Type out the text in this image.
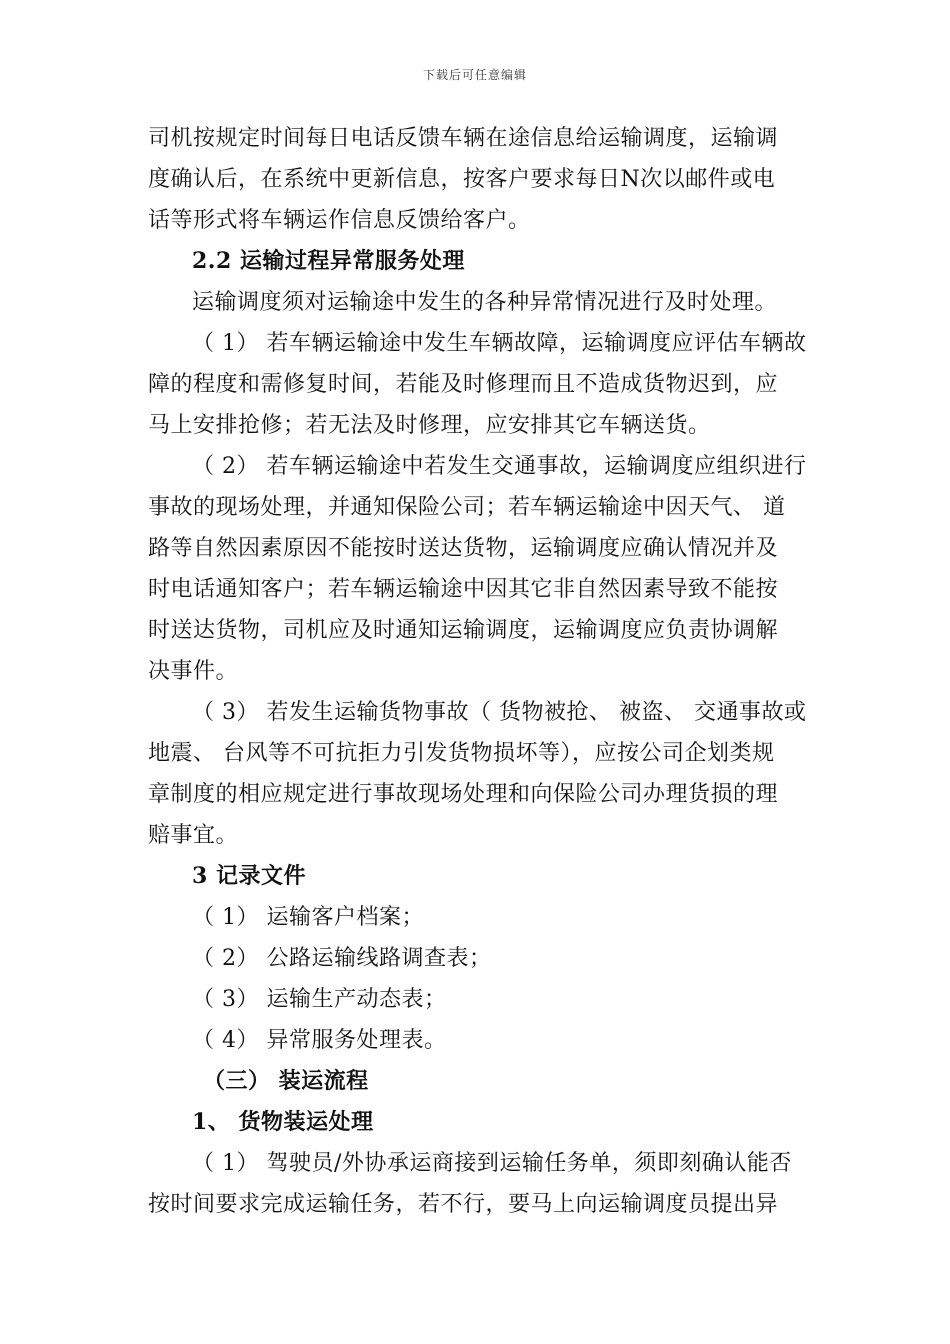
下载后可任意编辑

司机按规定时间每日电话反馈车辆在途信息给运输调度，运输调
度确认后，在系统中更新信息，按客户要求每日N次以邮件或电
话等形式将车辆运作信息反馈给客户。

2.2 运输过程异常服务处理

运输调度须对运输途中发生的各种异常情况进行及时处理。

（ 1） 若车辆运输途中发生车辆故障，运输调度应评估车辆故
障的程度和需修复时间，若能及时修理而且不造成货物迟到，应
马上安排抢修；若无法及时修理，应安排其它车辆送货。

（ 2） 若车辆运输途中若发生交通事故，运输调度应组织进行
事故的现场处理，并通知保险公司；若车辆运输途中因天气、 道
路等自然因素原因不能按时送达货物，运输调度应确认情况并及
时电话通知客户；若车辆运输途中因其它非自然因素导致不能按
时送达货物，司机应及时通知运输调度，运输调度应负责协调解
决事件。

（ 3） 若发生运输货物事故（ 货物被抢、 被盗、 交通事故或
地震、 台风等不可抗拒力引发货物损坏等），应按公司企划类规
章制度的相应规定进行事故现场处理和向保险公司办理货损的理
赔事宜。

3 记录文件

（ 1） 运输客户档案；

（ 2） 公路运输线路调查表；

（ 3） 运输生产动态表；

（ 4） 异常服务处理表。

（三） 装运流程

1、 货物装运处理

（ 1） 驾驶员/外协承运商接到运输任务单，须即刻确认能否
按时间要求完成运输任务，若不行，要马上向运输调度员提出异
